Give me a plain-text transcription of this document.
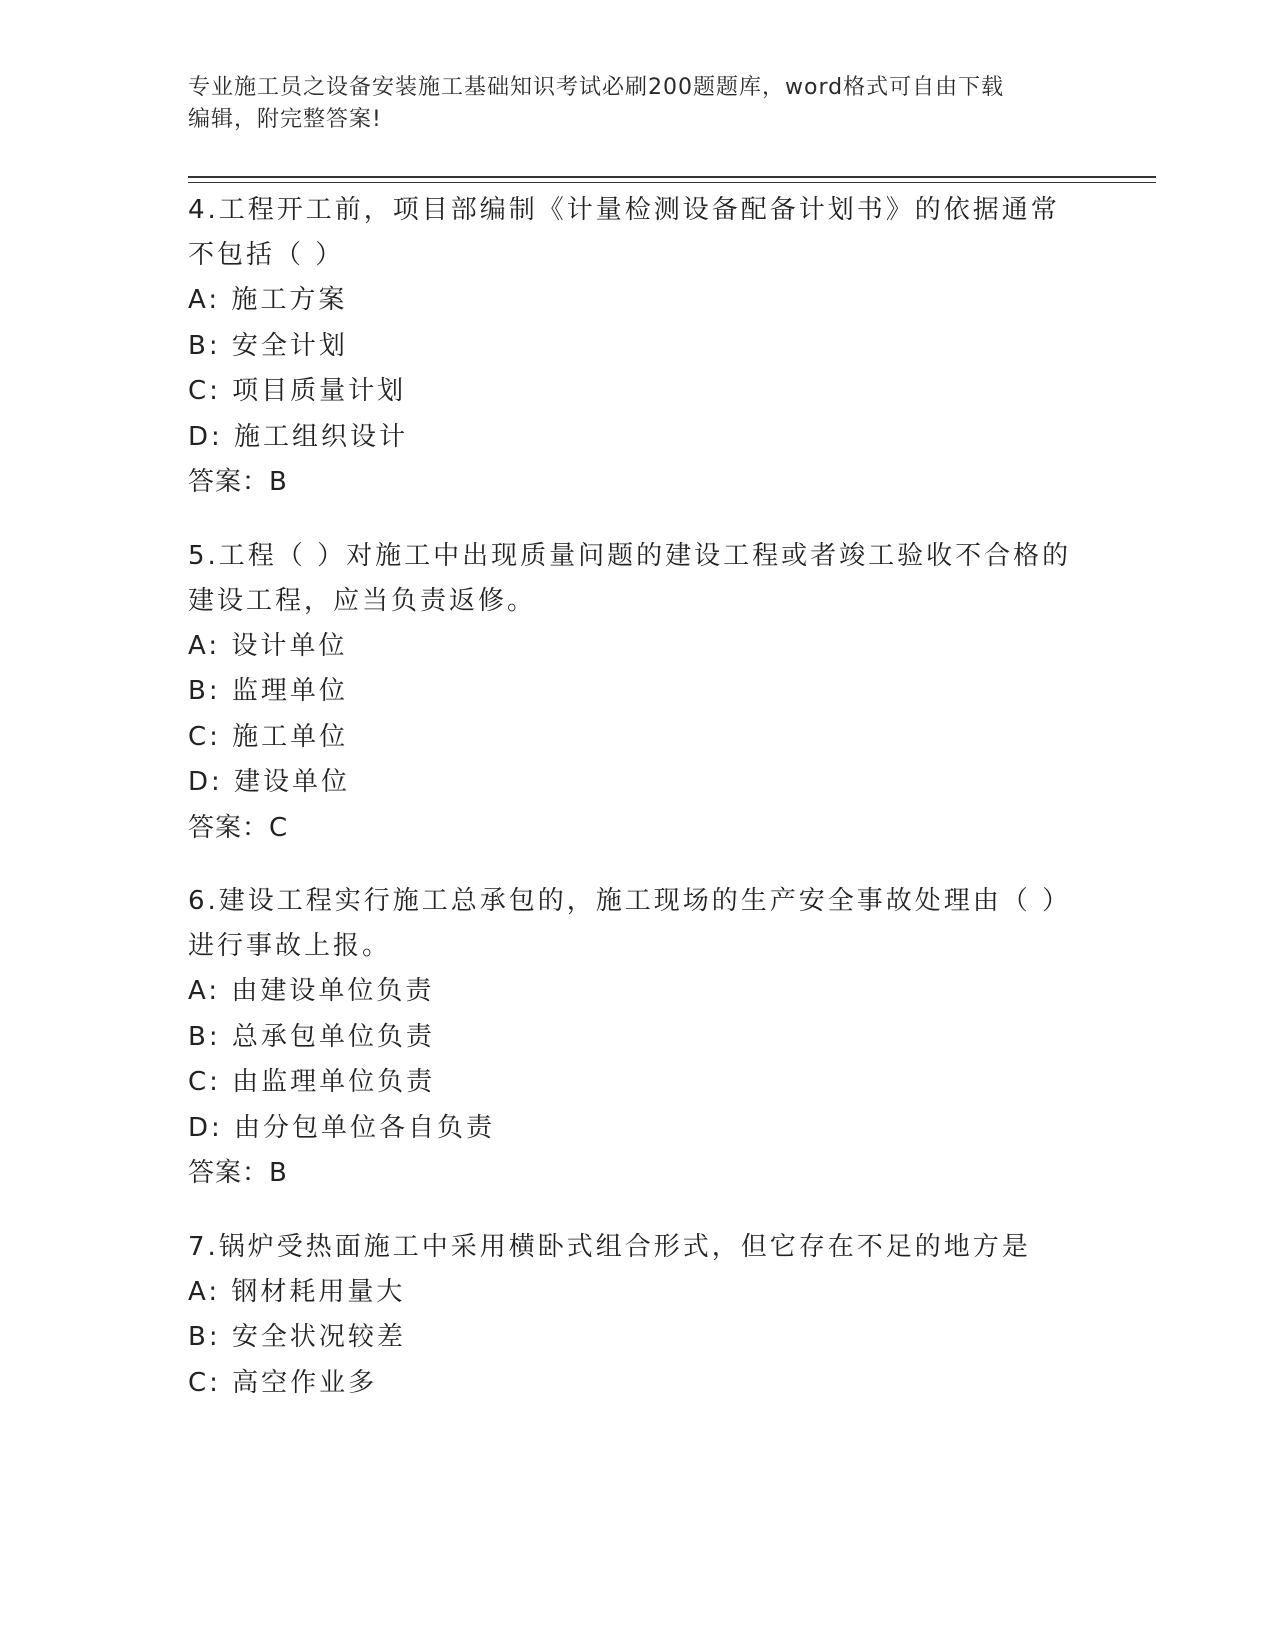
专业施工员之设备安装施工基础知识考试必刷200题题库，word格式可自由下载
编辑，附完整答案!

4.工程开工前，项目部编制《计量检测设备配备计划书》的依据通常

不包括（ ）

A: 施工方案

B: 安全计划

C: 项目质量计划

D: 施工组织设计

答案：B

5.工程（ ）对施工中出现质量问题的建设工程或者竣工验收不合格的

建设工程，应当负责返修。

A: 设计单位

B: 监理单位

C: 施工单位

D: 建设单位

答案：C

6.建设工程实行施工总承包的，施工现场的生产安全事故处理由（ ）

进行事故上报。

A: 由建设单位负责

B: 总承包单位负责

C: 由监理单位负责

D: 由分包单位各自负责

答案：B

7.锅炉受热面施工中采用横卧式组合形式，但它存在不足的地方是

A: 钢材耗用量大

B: 安全状况较差

C: 高空作业多
